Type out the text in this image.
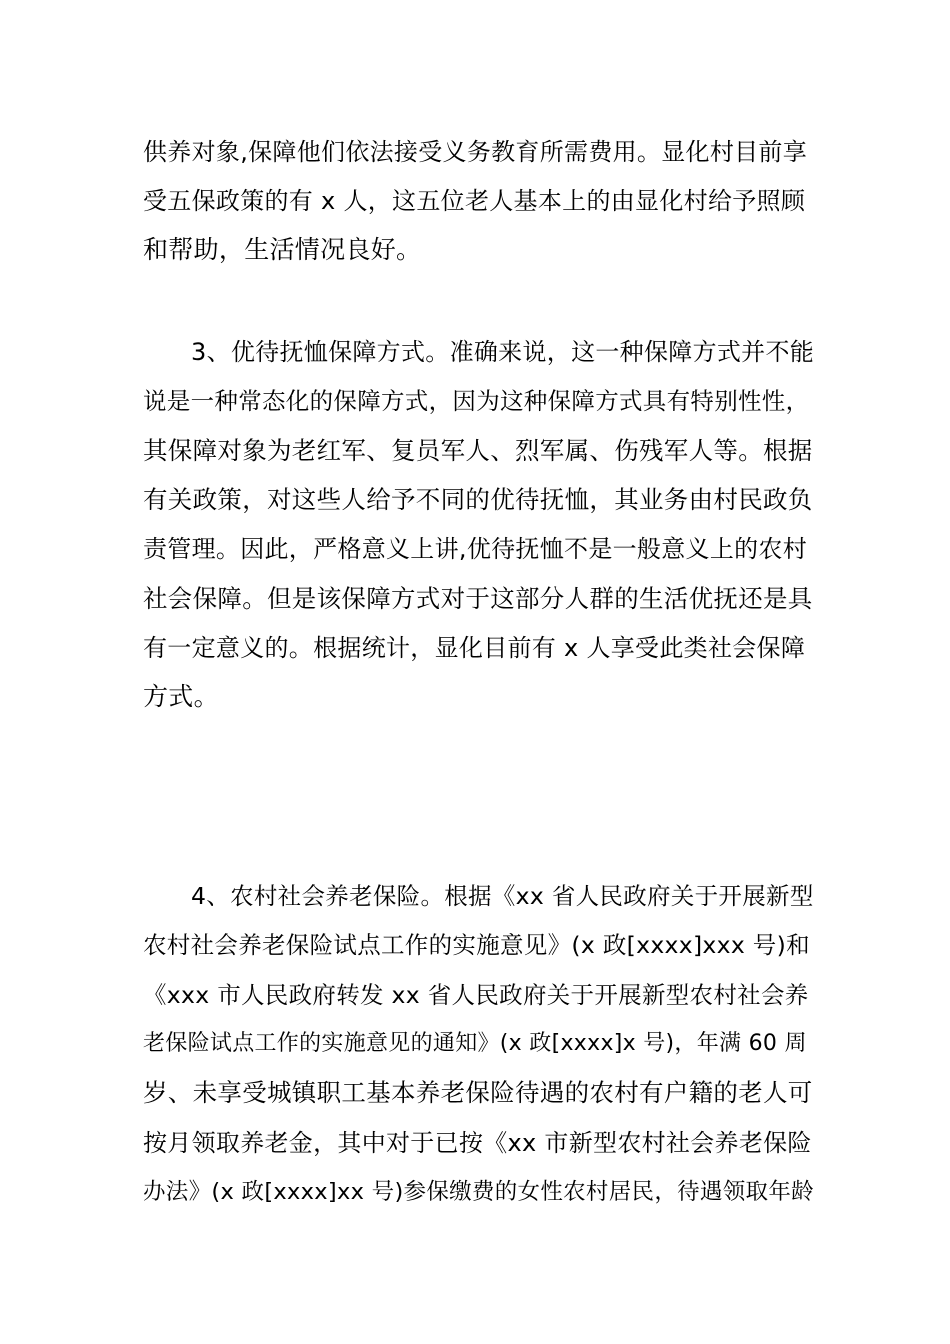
供养对象,保障他们依法接受义务教育所需费用。显化村目前享
受五保政策的有 x 人，这五位老人基本上的由显化村给予照顾
和帮助，生活情况良好。
3、优待抚恤保障方式。准确来说，这一种保障方式并不能
说是一种常态化的保障方式，因为这种保障方式具有特别性性，
其保障对象为老红军、复员军人、烈军属、伤残军人等。根据
有关政策，对这些人给予不同的优待抚恤，其业务由村民政负
责管理。因此，严格意义上讲,优待抚恤不是一般意义上的农村
社会保障。但是该保障方式对于这部分人群的生活优抚还是具
有一定意义的。根据统计，显化目前有 x 人享受此类社会保障
方式。
4、农村社会养老保险。根据《xx 省人民政府关于开展新型
农村社会养老保险试点工作的实施意见》(x 政[xxxx]xxx 号)和
《xxx 市人民政府转发 xx 省人民政府关于开展新型农村社会养
老保险试点工作的实施意见的通知》(x 政[xxxx]x 号)，年满 60 周
岁、未享受城镇职工基本养老保险待遇的农村有户籍的老人可
按月领取养老金，其中对于已按《xx 市新型农村社会养老保险
办法》(x 政[xxxx]xx 号)参保缴费的女性农村居民，待遇领取年龄
